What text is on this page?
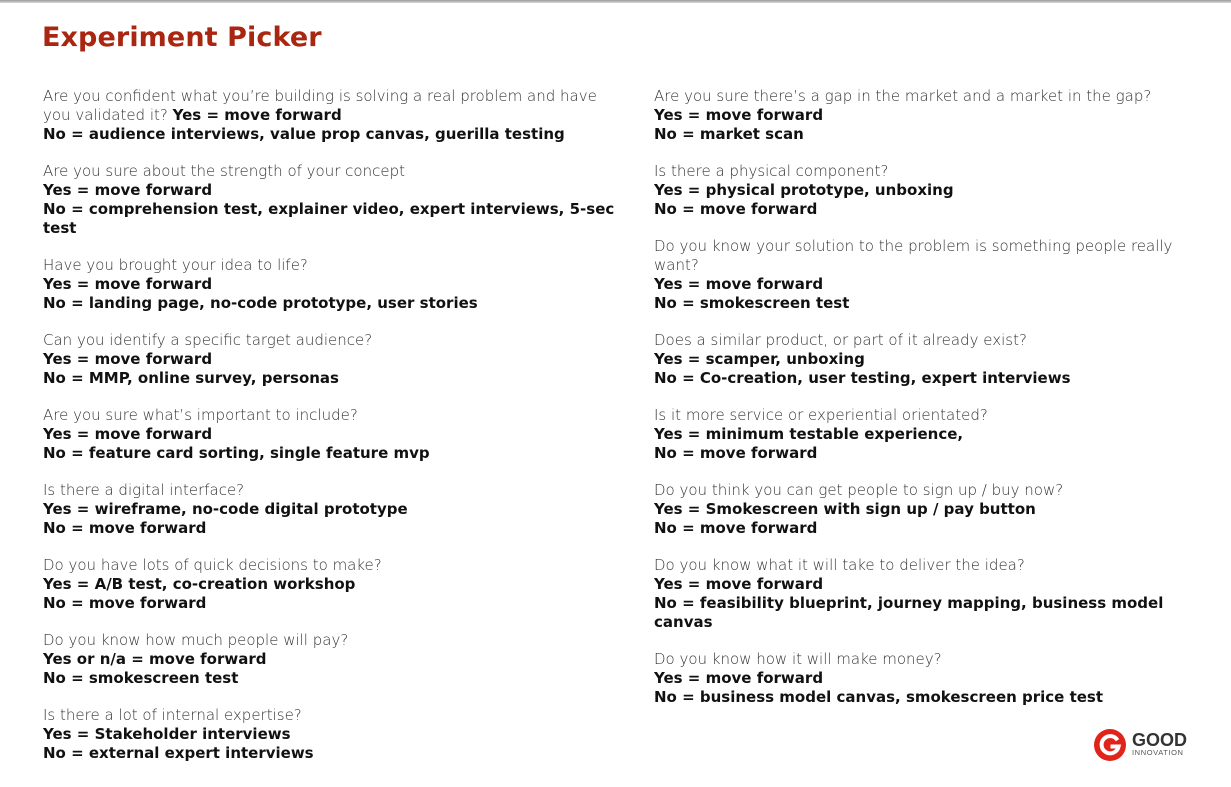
Experiment Picker
Are you confident what you’re building is solving a real problem and have you validated it? Yes = move forward
No = audience interviews, value prop canvas, guerilla testing
Are you sure about the strength of your concept
Yes = move forward
No = comprehension test, explainer video, expert interviews, 5-sec test
Have you brought your idea to life?
Yes = move forward
No = landing page, no-code prototype, user stories
Can you identify a specific target audience?
Yes = move forward
No = MMP, online survey, personas
Are you sure what’s important to include?
Yes = move forward
No = feature card sorting, single feature mvp
Is there a digital interface?
Yes = wireframe, no-code digital prototype
No = move forward
Do you have lots of quick decisions to make?
Yes = A/B test, co-creation workshop
No = move forward
Do you know how much people will pay?
Yes or n/a = move forward
No = smokescreen test
Is there a lot of internal expertise?
Yes = Stakeholder interviews
No = external expert interviews
Are you sure there’s a gap in the market and a market in the gap?
Yes = move forward
No = market scan
Is there a physical component?
Yes = physical prototype, unboxing
No = move forward
Do you know your solution to the problem is something people really want?
Yes = move forward
No = smokescreen test
Does a similar product, or part of it already exist?
Yes = scamper, unboxing
No = Co-creation, user testing, expert interviews
Is it more service or experiential orientated?
Yes = minimum testable experience,
No = move forward
Do you think you can get people to sign up / buy now?
Yes = Smokescreen with sign up / pay button
No = move forward
Do you know what it will take to deliver the idea?
Yes = move forward
No = feasibility blueprint, journey mapping, business model canvas
Do you know how it will make money?
Yes = move forward
No = business model canvas, smokescreen price test
GOOD
INNOVATION
